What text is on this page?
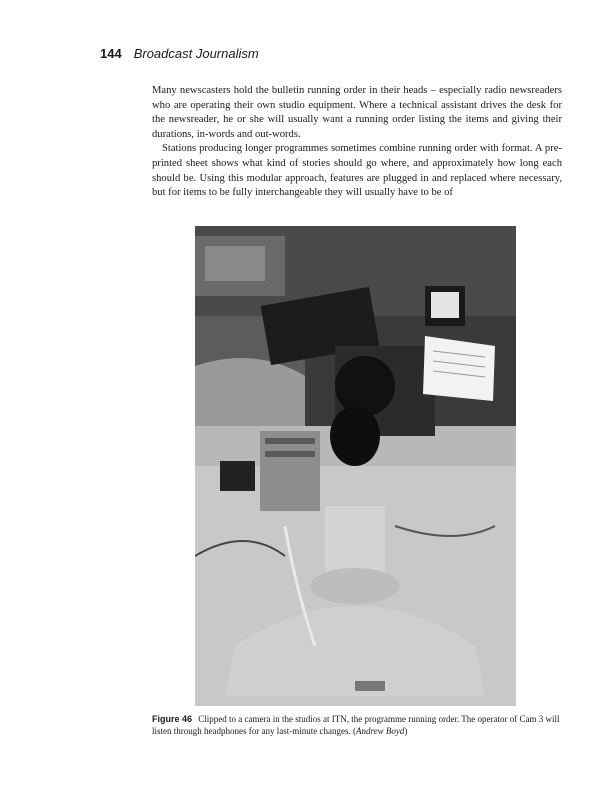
144 Broadcast Journalism

Many newscasters hold the bulletin running order in their heads – especially radio newsreaders who are operating their own studio equipment. Where a technical assistant drives the desk for the newsreader, he or she will usually want a running order listing the items and giving their durations, in-words and out-words.

Stations producing longer programmes sometimes combine running order with format. A pre-printed sheet shows what kind of stories should go where, and approximately how long each should be. Using this modular approach, features are plugged in and replaced where necessary, but for items to be fully interchangeable they will usually have to be of

Figure 46 Clipped to a camera in the studios at ITN, the programme running order. The operator of Cam 3 will listen through headphones for any last-minute changes. (Andrew Boyd)
